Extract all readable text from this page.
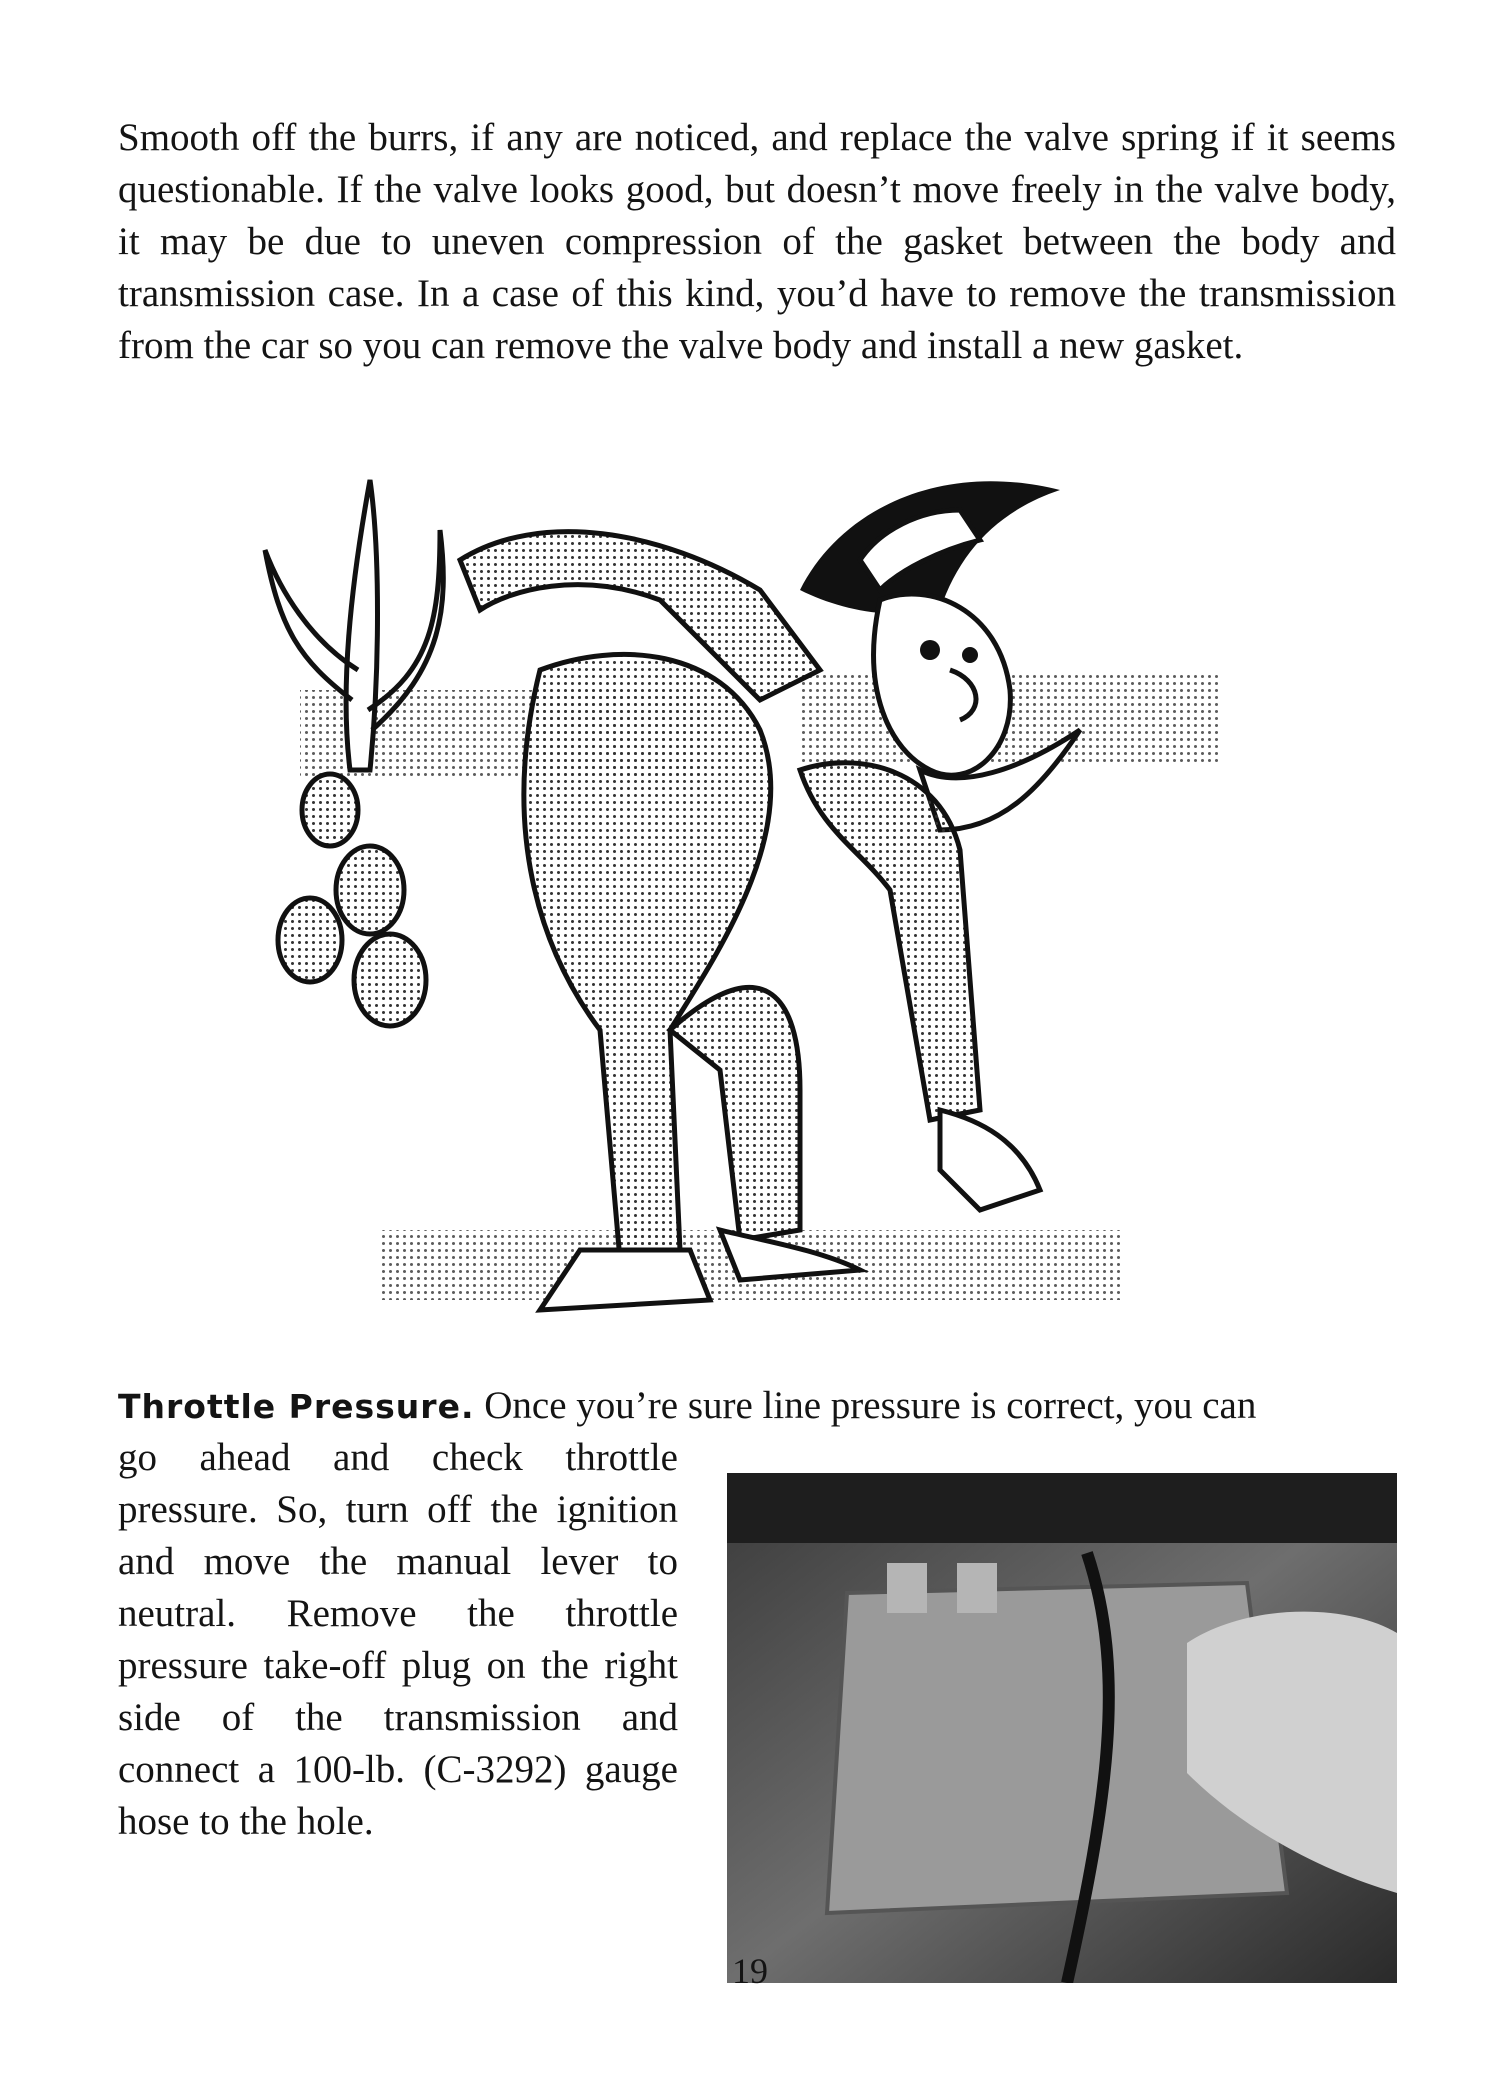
Smooth off the burrs, if any are noticed, and replace the valve spring if it seems questionable. If the valve looks good, but doesn’t move freely in the valve body, it may be due to uneven compression of the gasket between the body and transmission case. In a case of this kind, you’d have to remove the transmission from the car so you can remove the valve body and install a new gasket.

Throttle Pressure. Once you’re sure line pressure is correct, you can

go ahead and check throttle pressure. So, turn off the ignition and move the manual lever to neutral. Remove the throttle pressure take-off plug on the right side of the transmission and connect a 100-lb. (C-3292) gauge hose to the hole.

19
